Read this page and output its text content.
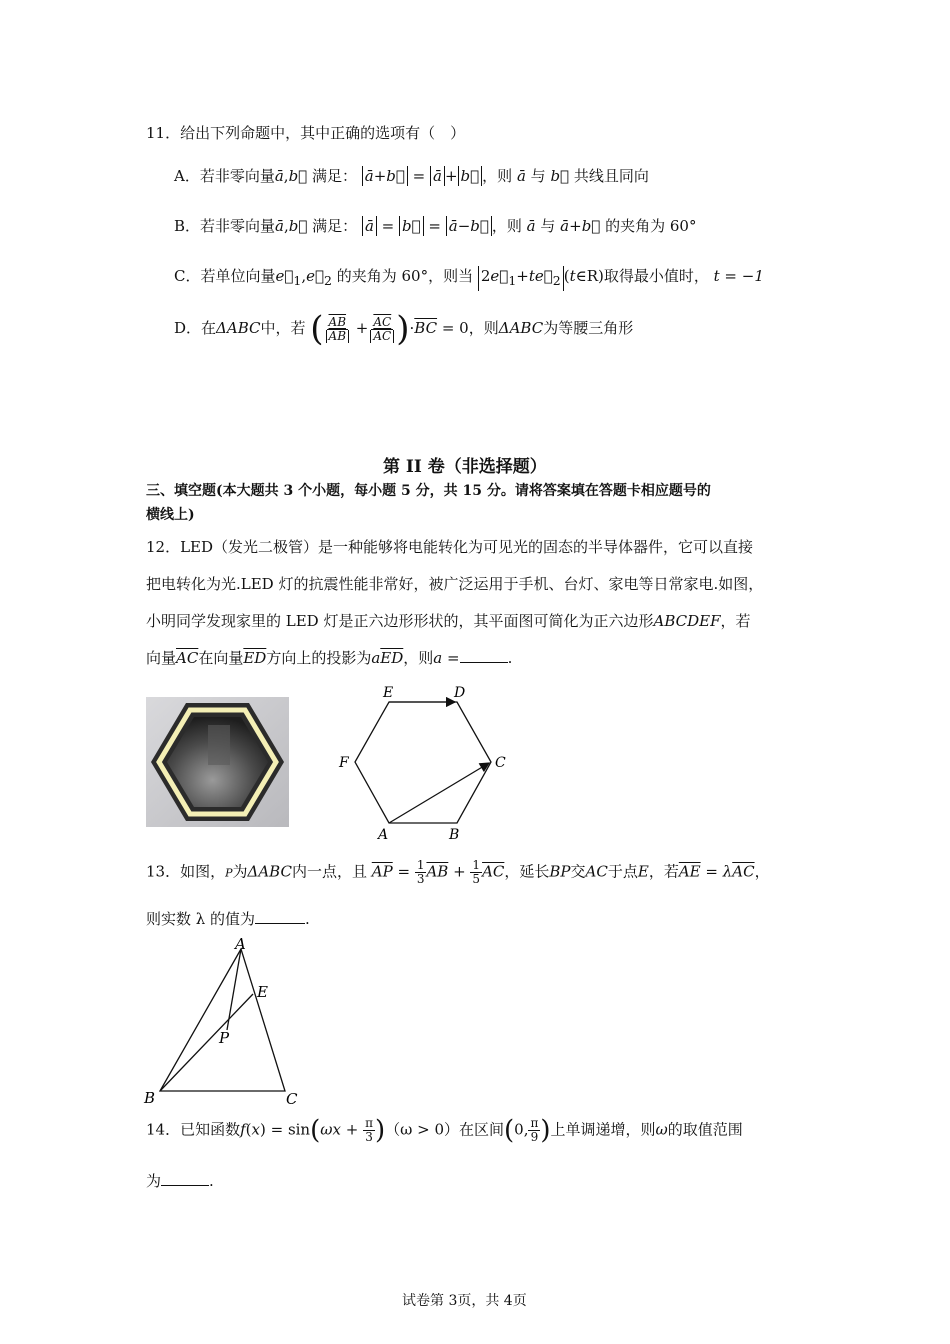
11．给出下列命题中，其中正确的选项有（　）
A．若非零向量ā,b⃗ 满足： ā+b⃗ = ā + b⃗ ，则 ā 与 b⃗ 共线且同向
B．若非零向量ā,b⃗ 满足： ā = b⃗ = ā−b⃗ ，则 ā 与 ā+b⃗ 的夹角为 60°
C．若单位向量$e⃗_1,e⃗_2$ 的夹角为 60°，则当 $2e⃗_1+te⃗_2$ (t∈R)取得最小值时， t = −1
D．在ΔABC中，若 ( $\frac{\overline{AB}}{AB} + \frac{\overline{AC}}{AC} )\cdot\overline{BC} = 0$，则ΔABC为等腰三角形
第 II 卷（非选择题）
三、填空题(本大题共 3 个小题，每小题 5 分，共 15 分。请将答案填在答题卡相应题号的
横线上)
12．LED（发光二极管）是一种能够将电能转化为可见光的固态的半导体器件，它可以直接
把电转化为光.LED 灯的抗震性能非常好，被广泛运用于手机、台灯、家电等日常家电.如图，
小明同学发现家里的 LED 灯是正六边形形状的，其平面图可简化为正六边形ABCDEF，若
向量$\overline{AC}$在向量$\overline{ED}$方向上的投影为$a\overline{ED}$，则a =	.
E	D
C
F
A	B
13．如图，P为ΔABC内一点，且 $\overline{AP} = \frac{1}{3} \overline{AB} + \frac{1}{5} \overline{AC}$，延长BP交AC于点E，若$\overline{AE} = \lambda\overline{AC}$，
则实数 λ 的值为	.
A
E
P
B	C
14．已知函数$f(x) = \sin(\omega x + \frac{\pi}{3} )(\omega > 0)$在区间(0, $\frac{\pi}{9}$ )上单调递增，则ω的取值范围
为	.
试卷第 3页，共 4页
